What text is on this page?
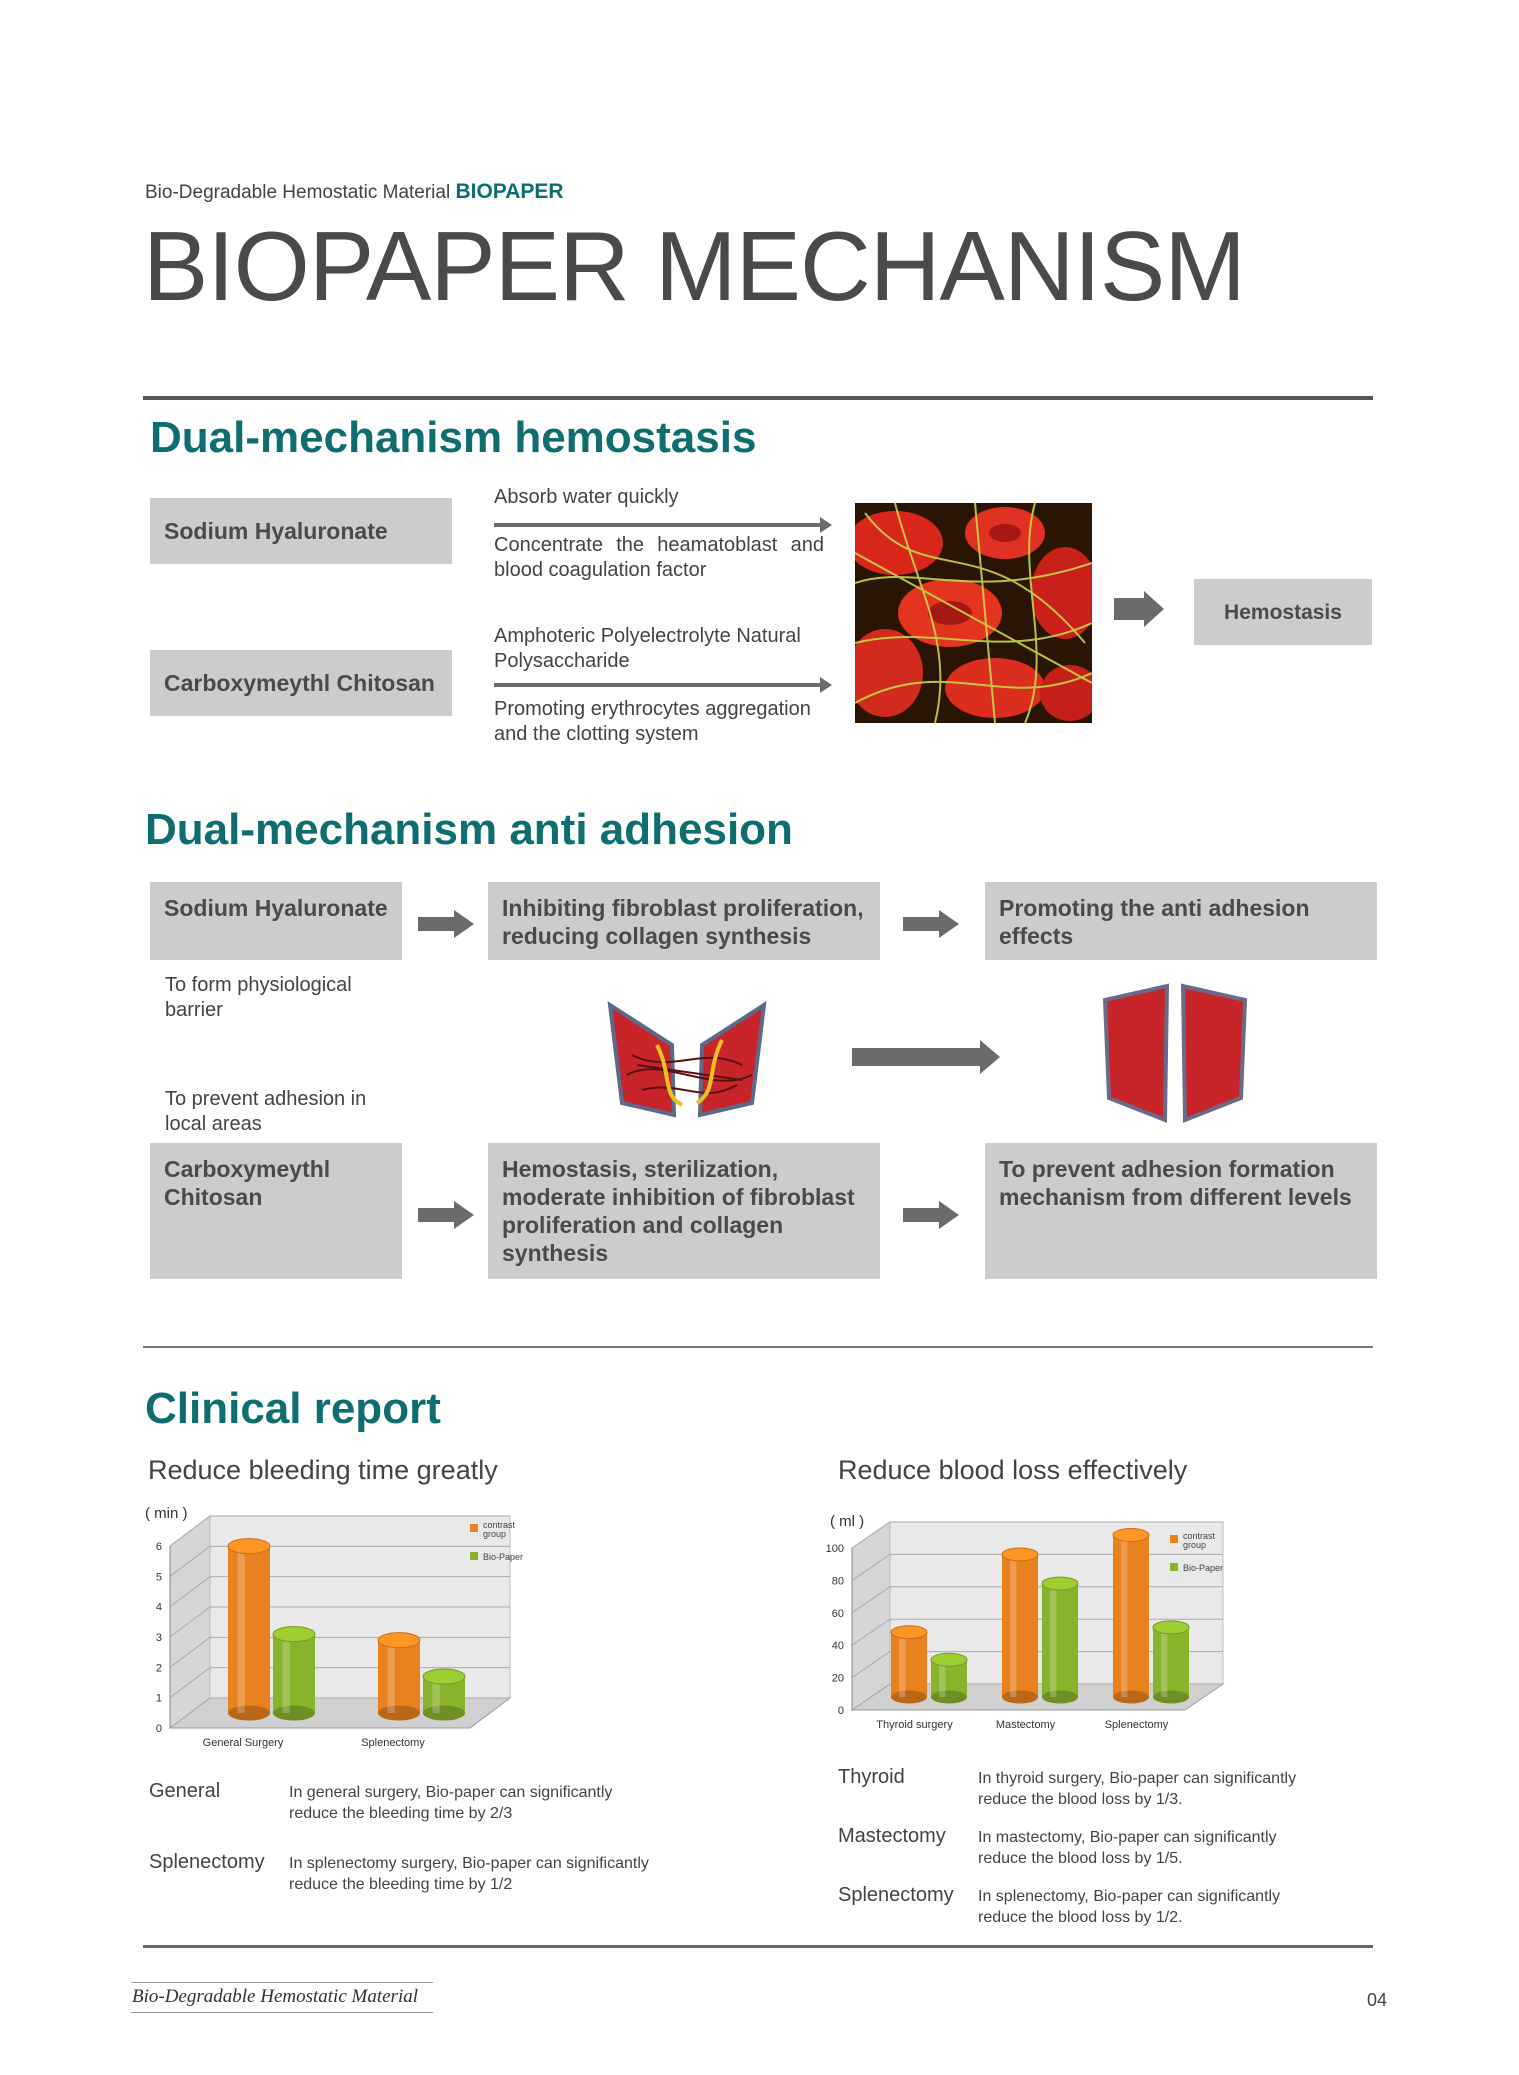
Bio-Degradable Hemostatic Material BIOPAPER
BIOPAPER MECHANISM
Dual-mechanism hemostasis
Sodium Hyaluronate
Carboxymeythl Chitosan
Absorb water quickly
Concentrate the heamatoblast and blood coagulation factor
Amphoteric Polyelectrolyte Natural Polysaccharide
Promoting erythrocytes aggregation and the clotting system
Hemostasis
Dual-mechanism anti adhesion
Sodium Hyaluronate	Inhibiting fibroblast proliferation, reducing collagen synthesis
Promoting the anti adhesion effects
To form physiological barrier
To prevent adhesion in local areas
Carboxymeythl Chitosan
Hemostasis, sterilization, moderate inhibition of fibroblast proliferation and collagen synthesis
To prevent adhesion formation mechanism from different levels
Clinical report
Reduce bleeding time greatly	Reduce blood loss effectively
0
1
2
3
4
5
6
( min )
General Surgery	Splenectomy
contrast
group
Bio-Paper
0
20
40
60
80
100
( ml )
Thyroid surgery	Mastectomy	Splenectomy
contrast
group
Bio-Paper
General	In general surgery, Bio-paper can significantly reduce the bleeding time by 2/3
Splenectomy In splenectomy surgery, Bio-paper can significantly reduce the bleeding time by 1/2
Thyroid	In thyroid surgery, Bio-paper can significantly reduce the blood loss by 1/3.
Mastectomy In mastectomy, Bio-paper can significantly reduce the blood loss by 1/5.
Splenectomy In splenectomy, Bio-paper can significantly reduce the blood loss by 1/2.
Bio-Degradable Hemostatic Material	04
